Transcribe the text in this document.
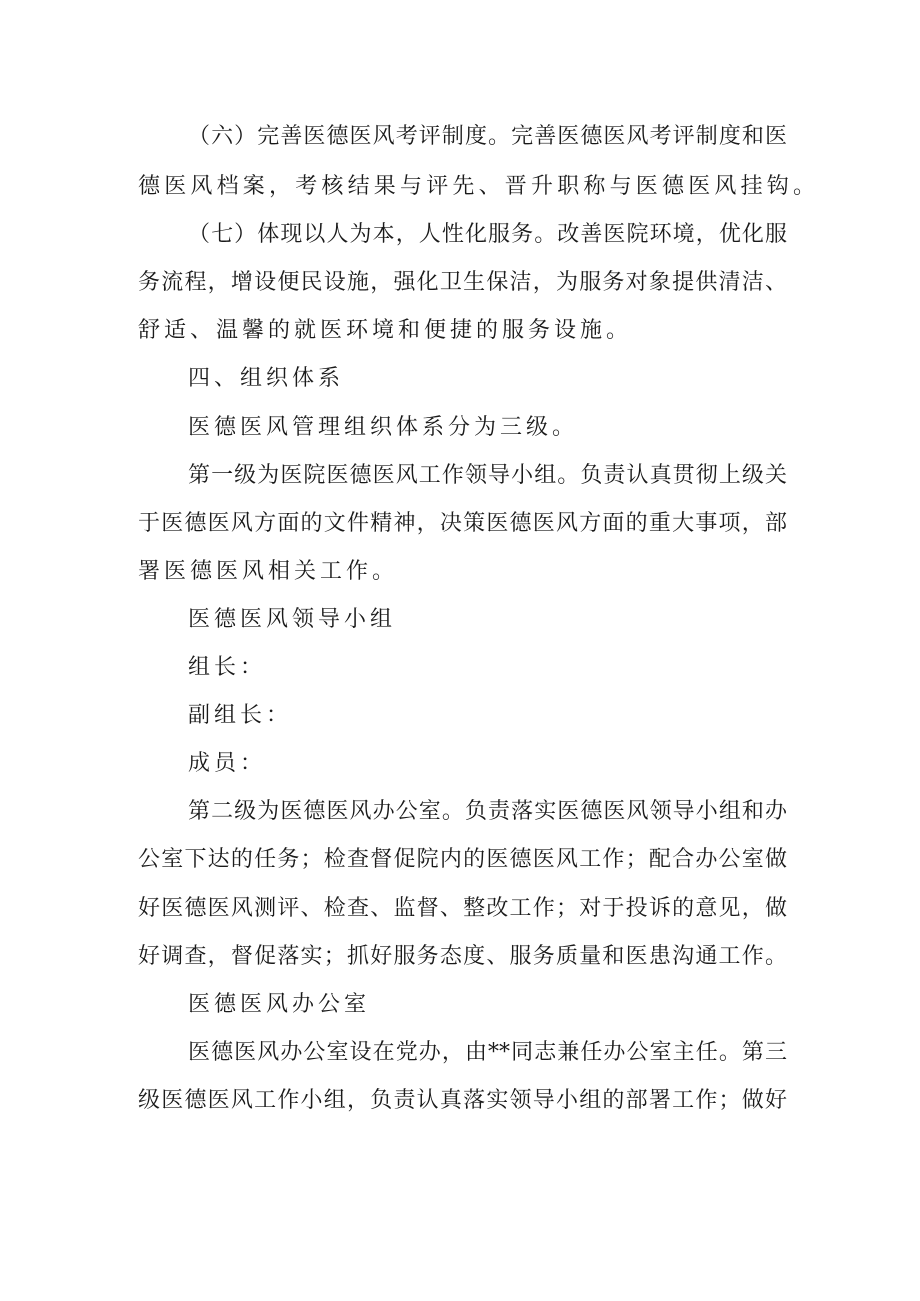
（六）完善医德医风考评制度。完善医德医风考评制度和医
德医风档案，考核结果与评先、晋升职称与医德医风挂钩。
（七）体现以人为本，人性化服务。改善医院环境，优化服
务流程，增设便民设施，强化卫生保洁，为服务对象提供清洁、
舒适、温馨的就医环境和便捷的服务设施。
四、组织体系
医德医风管理组织体系分为三级。
第一级为医院医德医风工作领导小组。负责认真贯彻上级关
于医德医风方面的文件精神，决策医德医风方面的重大事项，部
署医德医风相关工作。
医德医风领导小组
组长：
副组长：
成员：
第二级为医德医风办公室。负责落实医德医风领导小组和办
公室下达的任务；检查督促院内的医德医风工作；配合办公室做
好医德医风测评、检查、监督、整改工作；对于投诉的意见，做
好调查，督促落实；抓好服务态度、服务质量和医患沟通工作。
医德医风办公室
医德医风办公室设在党办，由**同志兼任办公室主任。第三
级医德医风工作小组，负责认真落实领导小组的部署工作；做好
